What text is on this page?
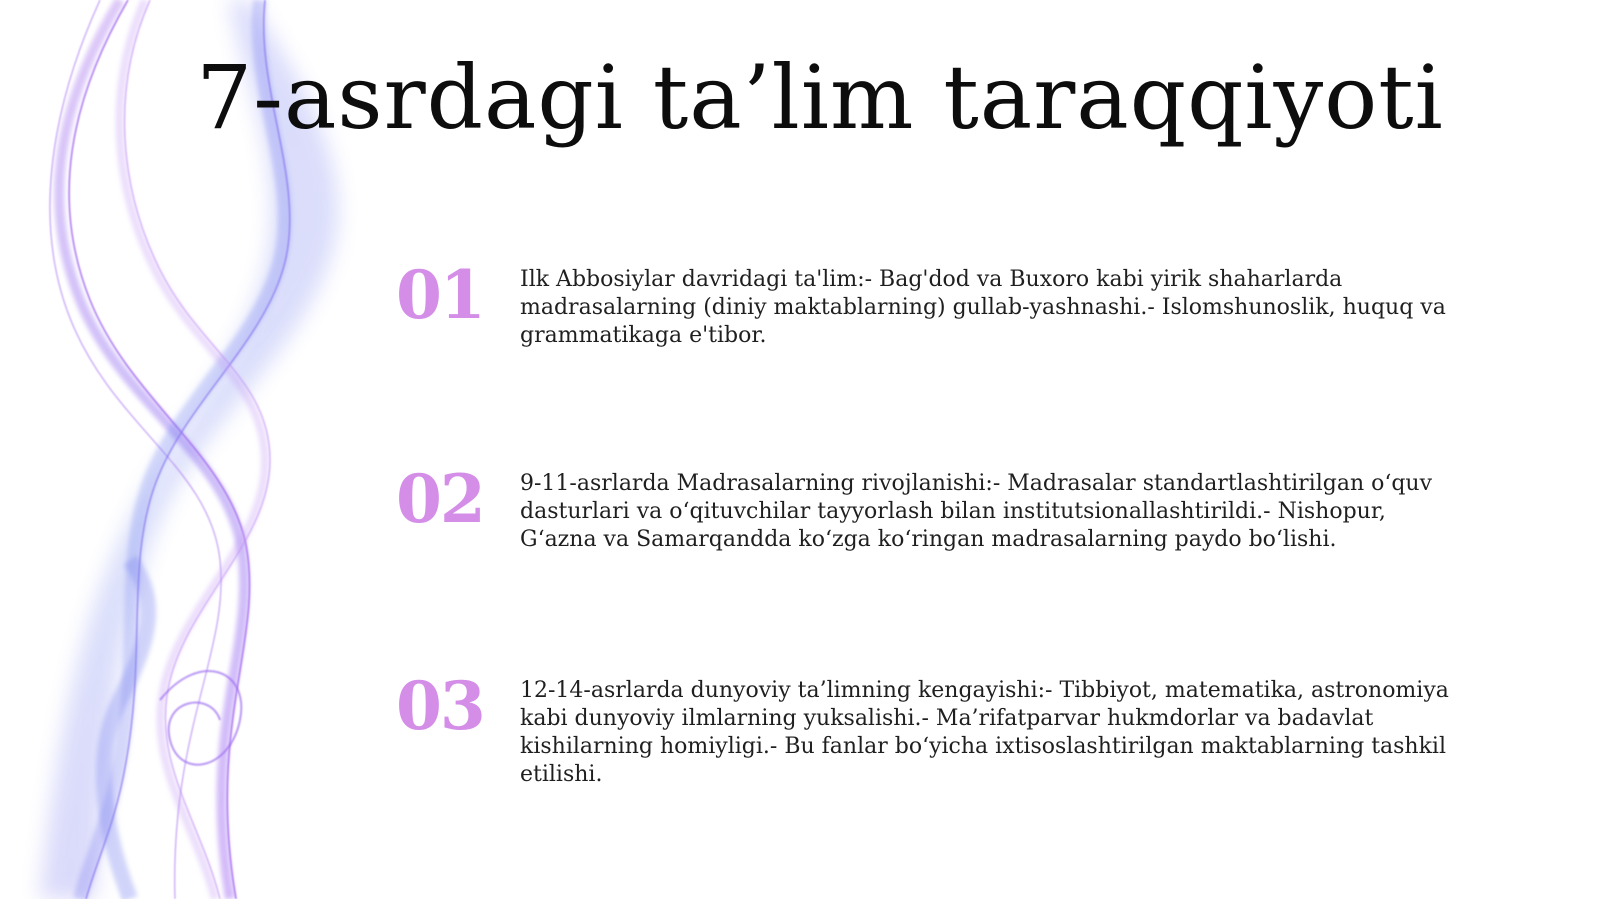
7-asrdagi ta’lim taraqqiyoti
01 Ilk Abbosiylar davridagi ta'lim:- Bag'dod va Buxoro kabi yirik shaharlarda madrasalarning (diniy maktablarning) gullab-yashnashi.- Islomshunoslik, huquq va grammatikaga e'tibor.
02 9-11-asrlarda Madrasalarning rivojlanishi:- Madrasalar standartlashtirilgan o‘quv dasturlari va o‘qituvchilar tayyorlash bilan institutsionallashtirildi.- Nishopur, G‘azna va Samarqandda ko‘zga ko‘ringan madrasalarning paydo bo‘lishi.
03 12-14-asrlarda dunyoviy ta’limning kengayishi:- Tibbiyot, matematika, astronomiya kabi dunyoviy ilmlarning yuksalishi.- Ma’rifatparvar hukmdorlar va badavlat kishilarning homiyligi.- Bu fanlar bo‘yicha ixtisoslashtirilgan maktablarning tashkil etilishi.
